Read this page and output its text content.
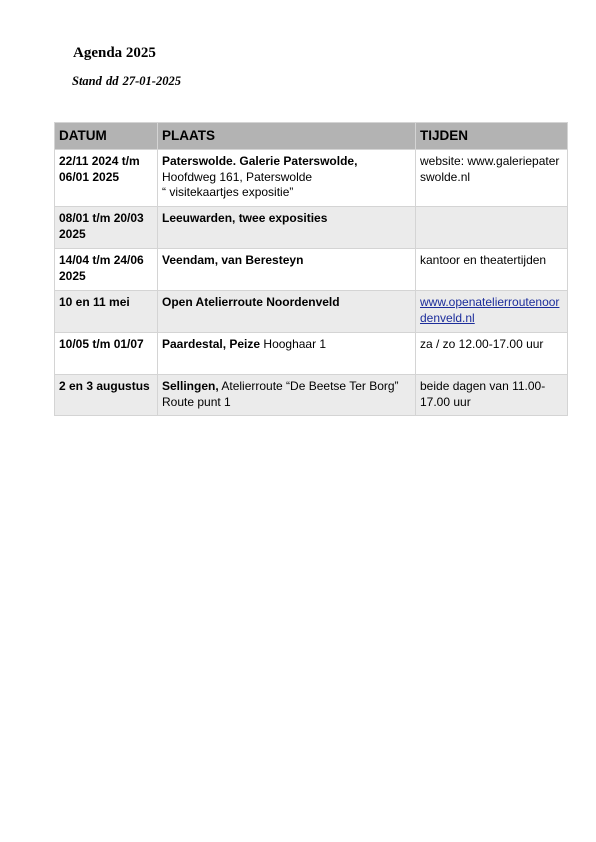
Agenda 2025
Stand dd 27-01-2025
DATUM	PLAATS	TIJDEN
22/11 2024 t/m 06/01 2025	Paterswolde. Galerie Paterswolde,
Hoofdweg 161, Paterswolde
“ visitekaartjes expositie”	website: www.galeriepaterswolde.nl
08/01 t/m 20/03 2025	Leeuwarden, twee exposities	
14/04 t/m 24/06 2025	Veendam, van Beresteyn	kantoor en theatertijden
10 en 11 mei	Open Atelierroute Noordenveld	www.openatelierroutenoordenveld.nl
10/05 t/m 01/07	Paardestal, Peize Hooghaar 1	za / zo 12.00-17.00 uur
2 en 3 augustus	Sellingen, Atelierroute “De Beetse Ter Borg” Route punt 1	beide dagen van 11.00-17.00 uur
